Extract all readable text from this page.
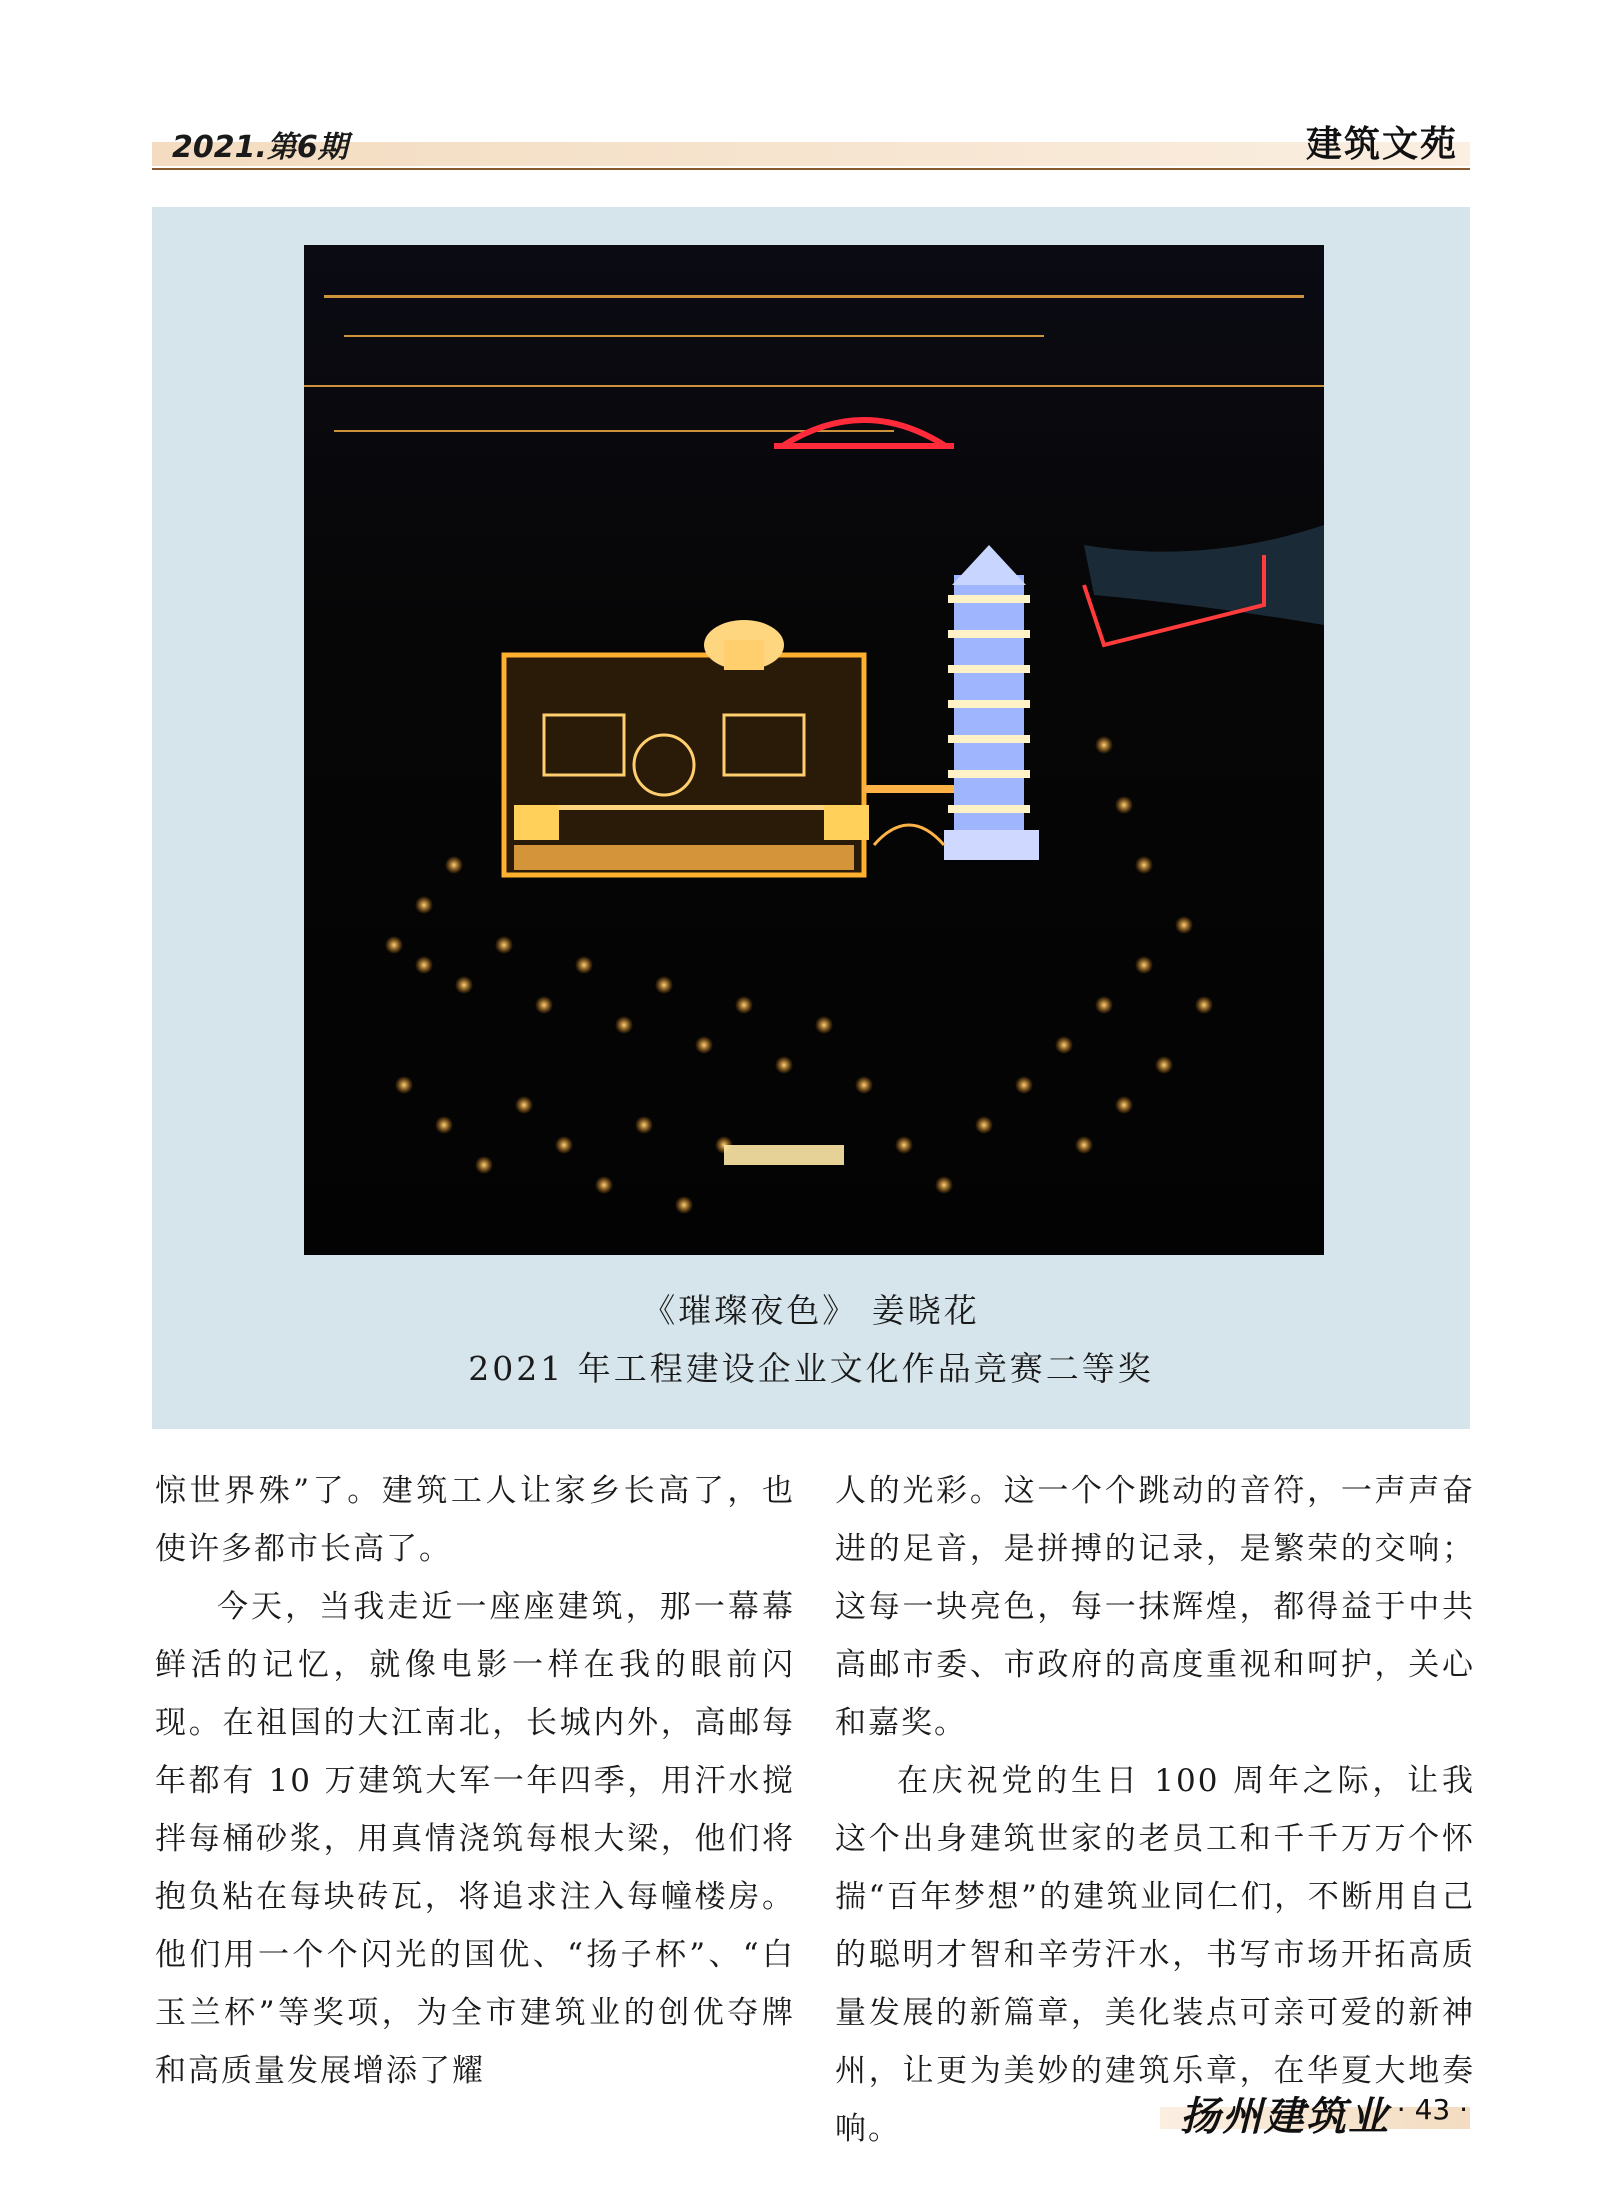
2021.第6期	建筑文苑
《璀璨夜色》 姜晓花
2021 年工程建设企业文化作品竞赛二等奖

惊世界殊”了。建筑工人让家乡长高了，也使许多都市长高了。

今天，当我走近一座座建筑，那一幕幕鲜活的记忆，就像电影一样在我的眼前闪现。在祖国的大江南北，长城内外，高邮每年都有 10 万建筑大军一年四季，用汗水搅拌每桶砂浆，用真情浇筑每根大梁，他们将抱负粘在每块砖瓦，将追求注入每幢楼房。他们用一个个闪光的国优、“扬子杯”、“白玉兰杯”等奖项，为全市建筑业的创优夺牌和高质量发展增添了耀

人的光彩。这一个个跳动的音符，一声声奋进的足音，是拼搏的记录，是繁荣的交响；这每一块亮色，每一抹辉煌，都得益于中共高邮市委、市政府的高度重视和呵护，关心和嘉奖。

在庆祝党的生日 100 周年之际，让我这个出身建筑世家的老员工和千千万万个怀揣“百年梦想”的建筑业同仁们，不断用自己的聪明才智和辛劳汗水，书写市场开拓高质量发展的新篇章，美化装点可亲可爱的新神州，让更为美妙的建筑乐章，在华夏大地奏响。	扬州建筑业 · 43 ·
